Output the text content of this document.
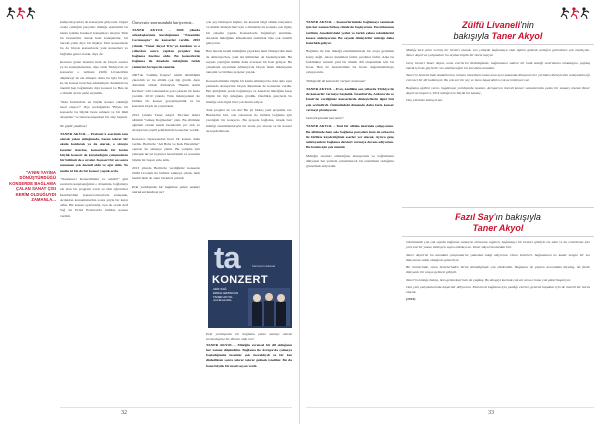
"A'NIN YAYINA DÖNÜŞTÜRDÜĞÜ KONSERDE BAĞLAMA ÇALAN SANAT ÇISI KERİM OLDUĞUYDI ZAMANLA...

kompozisyonları da konseyine giriyoruz. Orgun orada çaldığım parçaları müziğe eserlerimi bu benin iyikine hareketi konuşmayı isteyen Türk bu bestelerini olarak hem konuşmalar, bir önceki yılda diye bir ilişkiyi Yani konserlerde bu da birçok konserlerde yani konserleri ve bağlama genel olarak, diye de.

Konsere gelen insanlar hem de birçok eserler ya da konuşmalardan, diye önde Türkiye'de ve konserler o tarihten Zülfü Livaneli'nin düşünceyi de ele almıştır. Ama bu öyle bir şey ki, bu konser beni hep etkilemiştir. Kulamda bu önemli hep bağlamada diye konseri ve Ben de o dönem de bir şarkı söyledik.

"Peki İstanbul'da en büyük konser etkinliği nasıl oluyor?" diye sorduğumda "Böyle bir konserde bu büyük beste sahnesi ve bir ülkü devşirme" ve bunu konuşurken bir olay başladı.

Ne giydi/ yazdınız?

TANER AKYOL – Profesör'e eserimin tam olarak yakın olduğumda, bazen tekrar bir okula katılarak ya da olarak, o süreçte besteler üzerine, konserinde bir kesim büyük konseri de karşıladığım çalışmaların bir bölümü de o sıralar. Konseri bir an sonra tamamen çok önemli oldu ve ağır oldu. Ne mutlu ki biz de bir konser yaptık orda.

"Nasılsınız! Konserimizin ev sahibi?" gibi sorularla karşılaştığımız o dönemde, bağlamayı ele alan bir program vardı ve tüm öğrenciler İstanbul'daki konservatuvarlarla konuştuk, Ardından konuşmalardan sonra şöyle bir karar aldık. Bir konser ayarladılar, ben de orada Arif Sağ ile Erdal Erzincan'la birlikte konser verdim.

Üniversite sonrasındaki kariyeriniz...

TANER AKYOL – 2000 yılında arkadaşlarımla kurduğumuz "Ensemble Cornucopia" ile konserler verdik. 2003 yılında "Taner Akyol Trio"yu kurdum ve o yıllardan sonra yapılan projeler hep bağlama üzerine oldu. Bu konserlerde bağlama ile Anadolu müziğinin farklı yönlerini Avrupa'da tanıttık.

2007'de "Gümüş Kuşlar" isimli albümümü çıkardım ve bu albüm çok ilgi gördü. Aynı dönemde Orhan Pamuk'un "Benim Adım Kırmızı" adlı romanından yola çıkarak bir beste yazdım. 2010 yılında Türk müzisyenleri ile birlikte bir konser gerçekleştirdik ve bu konserin kaydı da yayınlandı.

2012 yılında Taner Akyol Trio'nun ikinci albümü "Güneş Doğmadan" çıktı. Bu albümde ağırlıklı olarak kendi bestelerim yer aldı ve Avrupa'nın çeşitli şehirlerinde konserler verdik.

Konsolos Operasından hızlı bir konser daha verdik. Berlin'de "Ali Baba ve Kırk Haramiler" operası ile sahneye çıktık. Bu çalışma için yaklaşık iki yıl boyunca hazırlandık ve sonunda büyük bir başarı elde ettik.

2013 yılında Berlin'de verdiğimiz konserde Zülfü Livaneli ile birlikte sahneye çıktık, hem benim hem de onun besteleri çalındı.

Peki yurtdışında bir bağlama çalan sanatçı olarak zorlandınız mı?

çok şey bilmeyen kişiler, bu konuda bilgi almak isteyenler ve müzik dinleyicileri için o dönemde bu konuda çok ilginç bir çalışma yaptık. Konserlerde bağlamayı tanıtmak, Anadolu müziğinin kökenlerini anlatmak bize çok önemli geliyordu.

Ben burada kendi müziğimi yaparken hem Türkiye'den hem de Almanya'dan, yani iki kültürden de besleniyorum. Bu sayede yaptığım müzik daha evrensel bir hale geliyor. Bu çalışmalar sayesinde Almanya'da birçok farklı müzisyenle tanıştım ve birlikte projeler yaptık.

Konserlerimizin büyük bir kısmı Almanya'da oldu ama aynı zamanda Avrupa'nın birçok ülkesinde de konserler verdik. Her gittiğimiz yerde bağlamaya ve Anadolu müziğine karşı büyük bir ilgi olduğunu gördük. Özellikle gençlerin bu müziğe olan ilgisi bizi çok mutlu ediyor.

Yeni projeler de var mı? Bu yıl birkaç yeni projemiz var. Bunlardan biri, oda orkestrası ile birlikte bağlama için yazdığım bir konçerto. Bu projede bağlama, klasik batı müziği enstrümanlarıyla bir arada yer alacak ve bu konser de kaydedilecek.

ta	Kammermusiksaal
KONZERT
ARİF SAĞ
ERDAL ERZİNCAN
TANER AKYOL
und Ensemble

Peki yurtdışında bir bağlama çalan sanatçı olarak zorlandığınız bir dönem oldu mu?

TANER AKYOL – Müziğin evrensel bir dil olduğunu her zaman düşündüm. Bağlama ile Avrupa'da çalmaya başladığımda insanlar çok meraklıydı ve bir kez dinledikten sonra tekrar tekrar gelmek istediler. Bu da bana büyük bir motivasyon verdi.

32

TANER AKYOL – Konserlerimizde bağlamayı tanıtmak için her zaman birkaç cümle ile başlıyorum. Enstrümanın tarihini, Anadolu'daki yerini ve farklı çalma tekniklerini kısaca anlatıyorum. Bu sayede dinleyiciler müziğe daha hazırlıklı geliyor.

Bağlama ile batı müziği enstrümanlarını bir araya getirmek kolay değil. Akort sistemleri farklı, perdeler farklı. Ama bu farklılıklar aslında yeni bir müzik dili oluşturmak için bir fırsat. Ben de bestelerimde bu fırsatı değerlendirmeye çalışıyorum.

Türkiye'de de konserler veriyor musunuz?

TANER AKYOL – Evet, özellikle son yıllarda Türkiye'de de konserler vermeye başladık. İstanbul'da, Ankara'da ve İzmir'de verdiğimiz konserlerde dinleyicilerin ilgisi bizi çok sevindirdi. Önümüzdeki dönemde daha fazla konser vermeyi planlıyoruz.

Gelecek planlarınız neler?

TANER AKYOL – Yeni bir albüm üzerinde çalışıyorum. Bu albümde hem solo bağlama parçaları hem de orkestra ile birlikte kaydettiğimiz eserler yer alacak. Ayrıca genç müzisyenlere bağlama dersleri vermeye devam ediyorum. Bu benim için çok önemli.

Müziğin sınırları olmadığına inanıyorum ve bağlamanın dünyanın her yerinde çalınabilecek bir enstrüman olduğunu göstermek istiyorum.

Zülfü Livaneli'nin
bakışıyla Taner Akyol

Müziğe kırk yılını vermiş bir besteci olarak, son yıllarda bağlamaya olan ilginin giderek arttığını görmekten çok mutluyum. Taner Akyol'un çalışmaları bu açıdan büyük bir önem taşıyor.

Genç besteci Taner Akyol, onun eserlerini dinlediğimde, bağlamanın sadece bir halk müziği enstrümanı olmadığını, çağdaş müzik için de güçlü bir ses olabileceğini bir kez daha anladım.

Taner'in bestelerinde Anadolu'nun ruhunu hissediyorsunuz ama aynı zamanda dünyanın her yerinden dinleyicinin anlayabileceği evrensel bir dil kullanıyor. Bu çok zor bir şey ve bunu başarabilen çok az müzisyen var.

Bağlama eğitimi veren, bağlamayı yurtdışında tanıtan, Avrupa'nın önemli konser salonlarında çalan bir sanatçı olarak Taner Akyol'un başarısı, Türk müziği için büyük bir kazanç.

Onu yürekten kutluyorum.

Fazıl Say'ın bakışıyla
Taner Akyol

Günümüzde çok çok sayıda bağlama sanatçısı olmasına rağmen, bağlamayı bir besteci gözüyle ele alan ve bu enstrüman için yeni eserler yazan müzisyen sayısı oldukça az. Taner Akyol bunlardan biri.

Taner Akyol'un bu alandaki çalışmalarını yakından takip ediyorum. Onun besteleri, bağlamanın ne kadar zengin bir ses dünyasına sahip olduğunu gösteriyor.

Bir konserinde, onun bestelerinden birini dinlediğimde çok etkilendim. Bağlama ile piyano arasındaki diyalog, iki farklı dünyanın bir araya gelmesi gibiydi.

Taner'in müziğe bakışı, hem geleneksel hem de çağdaş. Bu dengeyi kurmak çok zor ama o bunu çok güzel başarıyor.

Ona yeni çalışmalarında başarılar diliyorum. Eminim ki bağlama için yazdığı eserler, gelecek kuşaklar için de önemli bir miras olacak.

(2010)

33
